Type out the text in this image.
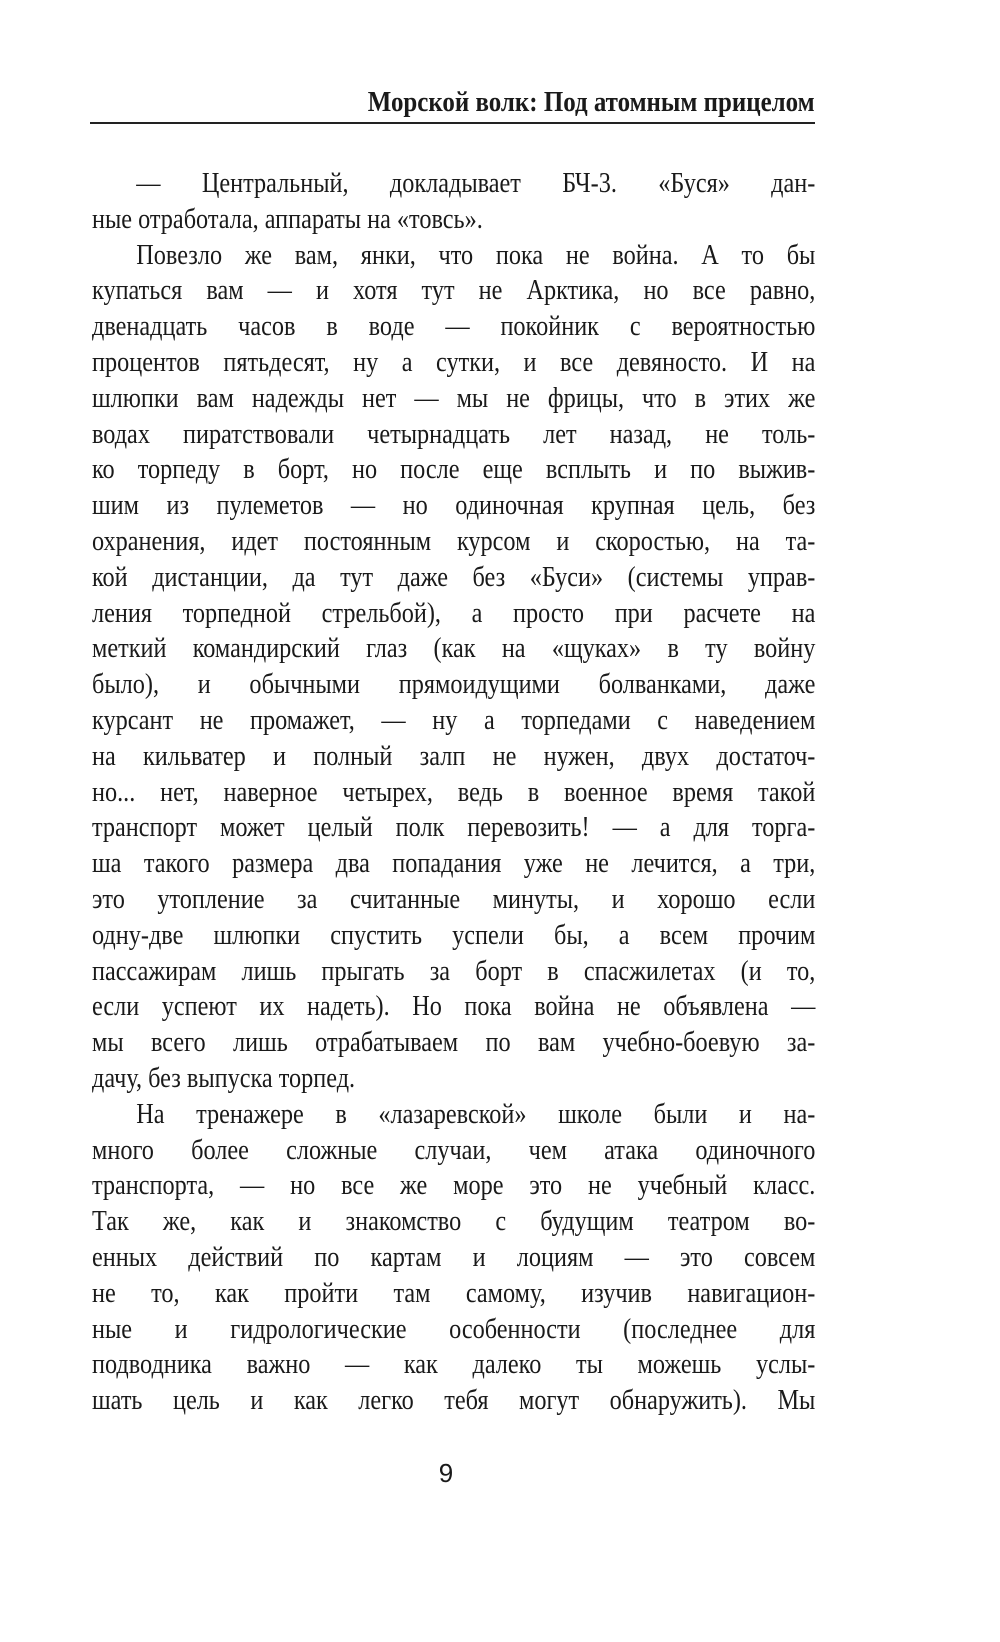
Морской волк: Под атомным прицелом
— Центральный, докладывает БЧ-3. «Буся» дан-
ные отработала, аппараты на «товсь».
Повезло же вам, янки, что пока не война. А то бы
купаться вам — и хотя тут не Арктика, но все равно,
двенадцать часов в воде — покойник с вероятностью
процентов пятьдесят, ну а сутки, и все девяносто. И на
шлюпки вам надежды нет — мы не фрицы, что в этих же
водах пиратствовали четырнадцать лет назад, не толь-
ко торпеду в борт, но после еще всплыть и по выжив-
шим из пулеметов — но одиночная крупная цель, без
охранения, идет постоянным курсом и скоростью, на та-
кой дистанции, да тут даже без «Буси» (системы управ-
ления торпедной стрельбой), а просто при расчете на
меткий командирский глаз (как на «щуках» в ту войну
было), и обычными прямоидущими болванками, даже
курсант не промажет, — ну а торпедами с наведением
на кильватер и полный залп не нужен, двух достаточ-
но... нет, наверное четырех, ведь в военное время такой
транспорт может целый полк перевозить! — а для торга-
ша такого размера два попадания уже не лечится, а три,
это утопление за считанные минуты, и хорошо если
одну-две шлюпки спустить успели бы, а всем прочим
пассажирам лишь прыгать за борт в спасжилетах (и то,
если успеют их надеть). Но пока война не объявлена —
мы всего лишь отрабатываем по вам учебно-боевую за-
дачу, без выпуска торпед.
На тренажере в «лазаревской» школе были и на-
много более сложные случаи, чем атака одиночного
транспорта, — но все же море это не учебный класс.
Так же, как и знакомство с будущим театром во-
енных действий по картам и лоциям — это совсем
не то, как пройти там самому, изучив навигацион-
ные и гидрологические особенности (последнее для
подводника важно — как далеко ты можешь услы-
шать цель и как легко тебя могут обнаружить). Мы
9
